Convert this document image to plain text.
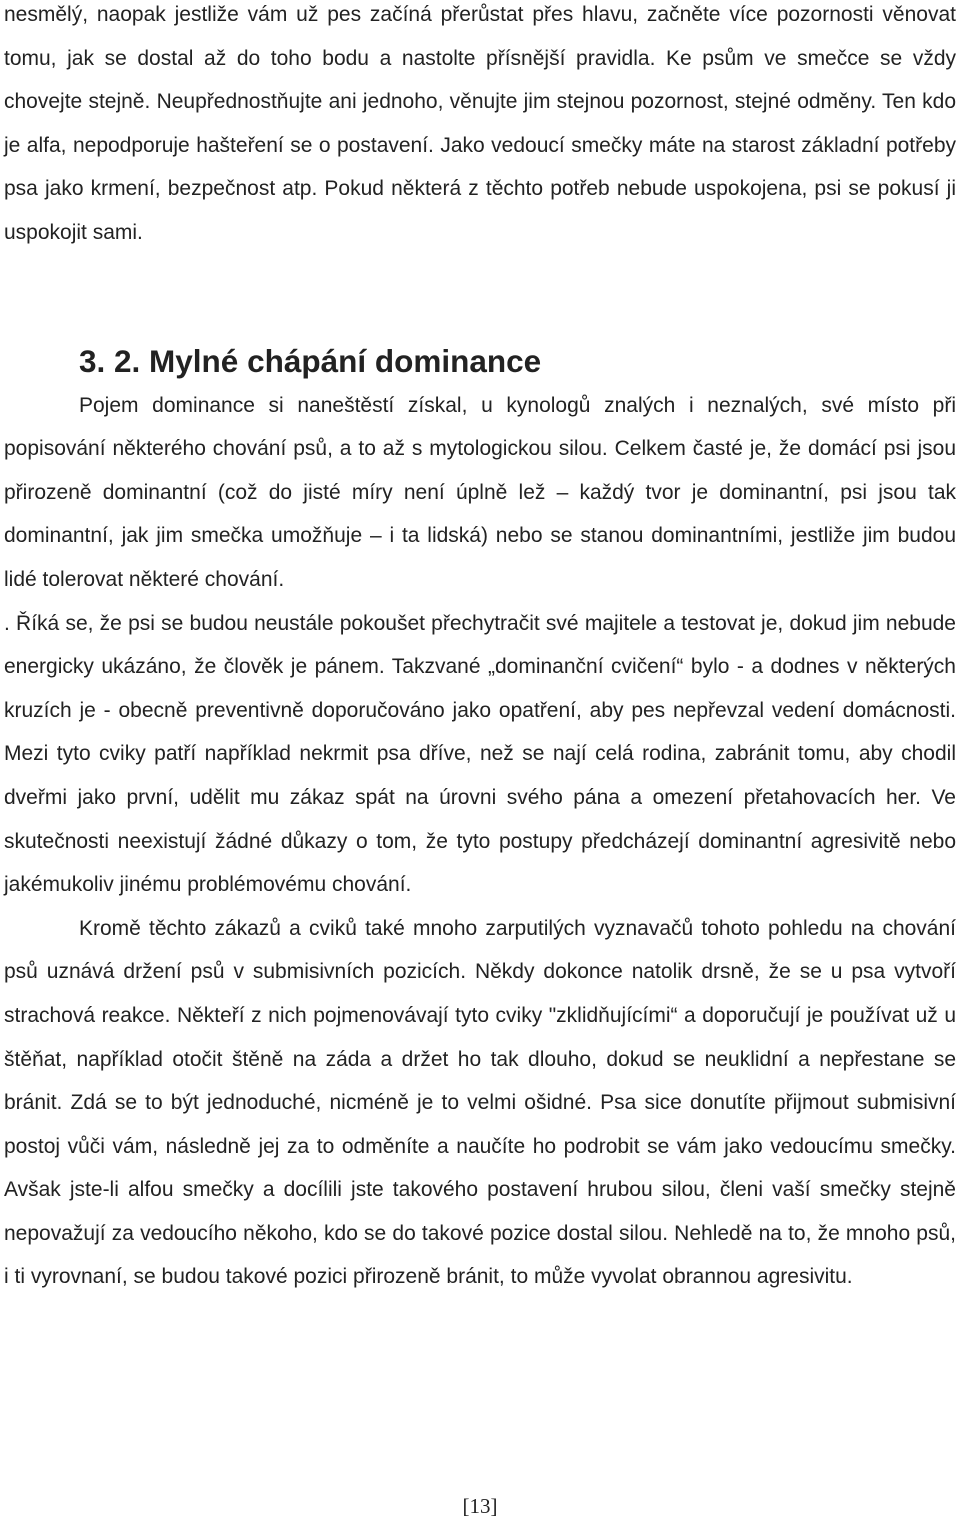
nesmělý, naopak jestliže vám už pes začíná přerůstat přes hlavu, začněte více pozornosti věnovat tomu, jak se dostal až do toho bodu a nastolte přísnější pravidla. Ke psům ve smečce se vždy chovejte stejně. Neupřednostňujte ani jednoho, věnujte jim stejnou pozornost, stejné odměny. Ten kdo je alfa, nepodporuje hašteření se o postavení. Jako vedoucí smečky máte na starost základní potřeby psa jako krmení, bezpečnost atp. Pokud některá z těchto potřeb nebude uspokojena, psi se pokusí ji uspokojit sami.

3. 2. Mylné chápání dominance

Pojem dominance si naneštěstí získal, u kynologů znalých i neznalých, své místo při popisování některého chování psů, a to až s mytologickou silou. Celkem časté je, že domácí psi jsou přirozeně dominantní (což do jisté míry není úplně lež – každý tvor je dominantní, psi jsou tak dominantní, jak jim smečka umožňuje – i ta lidská) nebo se stanou dominantními, jestliže jim budou lidé tolerovat některé chování.

. Říká se, že psi se budou neustále pokoušet přechytračit své majitele a testovat je, dokud jim nebude energicky ukázáno, že člověk je pánem. Takzvané „dominanční cvičení“ bylo - a dodnes v některých kruzích je - obecně preventivně doporučováno jako opatření, aby pes nepřevzal vedení domácnosti. Mezi tyto cviky patří například nekrmit psa dříve, než se nají celá rodina, zabránit tomu, aby chodil dveřmi jako první, udělit mu zákaz spát na úrovni svého pána a omezení přetahovacích her. Ve skutečnosti neexistují žádné důkazy o tom, že tyto postupy předcházejí dominantní agresivitě nebo jakémukoliv jinému problémovému chování.

Kromě těchto zákazů a cviků také mnoho zarputilých vyznavačů tohoto pohledu na chování psů uznává držení psů v submisivních pozicích. Někdy dokonce natolik drsně, že se u psa vytvoří strachová reakce. Někteří z nich pojmenovávají tyto cviky "zklidňujícími“ a doporučují je používat už u štěňat, například otočit štěně na záda a držet ho tak dlouho, dokud se neuklidní a nepřestane se bránit. Zdá se to být jednoduché, nicméně je to velmi ošidné. Psa sice donutíte přijmout submisivní postoj vůči vám, následně jej za to odměníte a naučíte ho podrobit se vám jako vedoucímu smečky. Avšak jste-li alfou smečky a docílili jste takového postavení hrubou silou, členi vaší smečky stejně nepovažují za vedoucího někoho, kdo se do takové pozice dostal silou. Nehledě na to, že mnoho psů, i ti vyrovnaní, se budou takové pozici přirozeně bránit, to může vyvolat obrannou agresivitu.

[13]
